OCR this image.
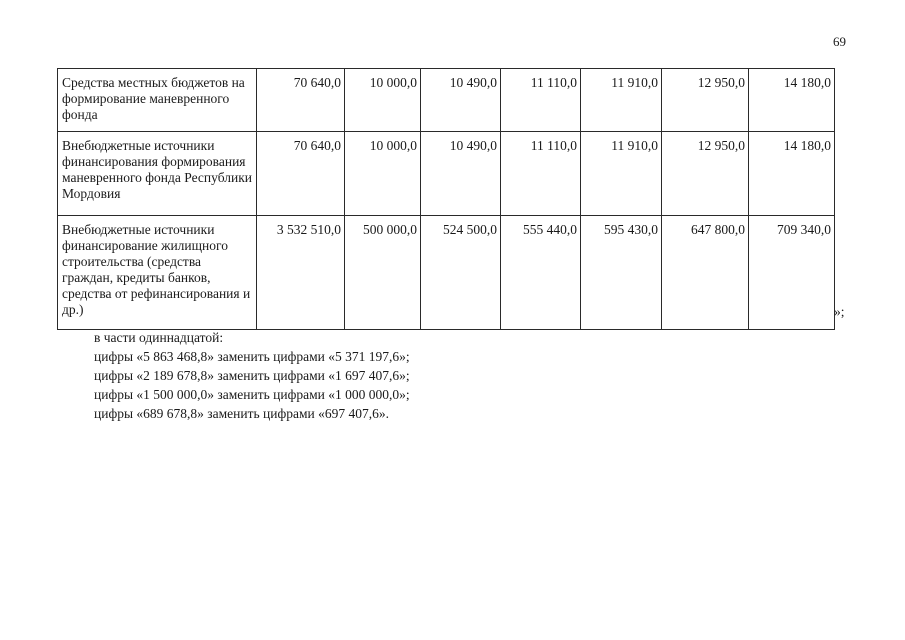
69
Средства местных бюджетов на формирование маневренного фонда	70 640,0	10 000,0	10 490,0	11 110,0	11 910,0	12 950,0	14 180,0
Внебюджетные источники финансирования формирования маневренного фонда Республики Мордовия	70 640,0	10 000,0	10 490,0	11 110,0	11 910,0	12 950,0	14 180,0
Внебюджетные источники финансирование жилищного строительства (средства граждан, кредиты банков, средства от рефинансирования и др.)	3 532 510,0	500 000,0	524 500,0	555 440,0	595 430,0	647 800,0	709 340,0
»;
в части одиннадцатой:
цифры «5 863 468,8» заменить цифрами «5 371 197,6»;
цифры «2 189 678,8» заменить цифрами «1 697 407,6»;
цифры «1 500 000,0» заменить цифрами «1 000 000,0»;
цифры «689 678,8» заменить цифрами «697 407,6».
